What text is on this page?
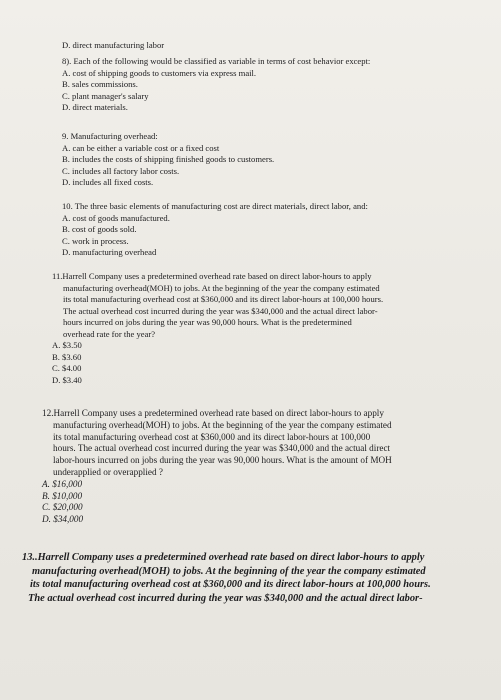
D. direct manufacturing labor

8). Each of the following would be classified as variable in terms of cost behavior except:

A. cost of shipping goods to customers via express mail.

B. sales commissions.

C. plant manager's salary

D. direct materials.

9. Manufacturing overhead:

A. can be either a variable cost or a fixed cost

B. includes the costs of shipping finished goods to customers.

C. includes all factory labor costs.

D. includes all fixed costs.

10. The three basic elements of manufacturing cost are direct materials, direct labor, and:

A. cost of goods manufactured.

B. cost of goods sold.

C. work in process.

D. manufacturing overhead

11.Harrell Company uses a predetermined overhead rate based on direct labor-hours to apply

manufacturing overhead(MOH) to jobs. At the beginning of the year the company estimated

its total manufacturing overhead cost at $360,000 and its direct labor-hours at 100,000 hours.

The actual overhead cost incurred during the year was $340,000 and the actual direct labor-

hours incurred on jobs during the year was 90,000 hours. What is the predetermined

overhead rate for the year?

A. $3.50

B. $3.60

C. $4.00

D. $3.40

12.Harrell Company uses a predetermined overhead rate based on direct labor-hours to apply

manufacturing overhead(MOH) to jobs. At the beginning of the year the company estimated

its total manufacturing overhead cost at $360,000 and its direct labor-hours at 100,000

hours. The actual overhead cost incurred during the year was $340,000 and the actual direct

labor-hours incurred on jobs during the year was 90,000 hours. What is the amount of MOH

underapplied or overapplied ?

A. $16,000

B. $10,000

C. $20,000

D. $34,000

13..Harrell Company uses a predetermined overhead rate based on direct labor-hours to apply

manufacturing overhead(MOH) to jobs. At the beginning of the year the company estimated

its total manufacturing overhead cost at $360,000 and its direct labor-hours at 100,000 hours.

The actual overhead cost incurred during the year was $340,000 and the actual direct labor-
